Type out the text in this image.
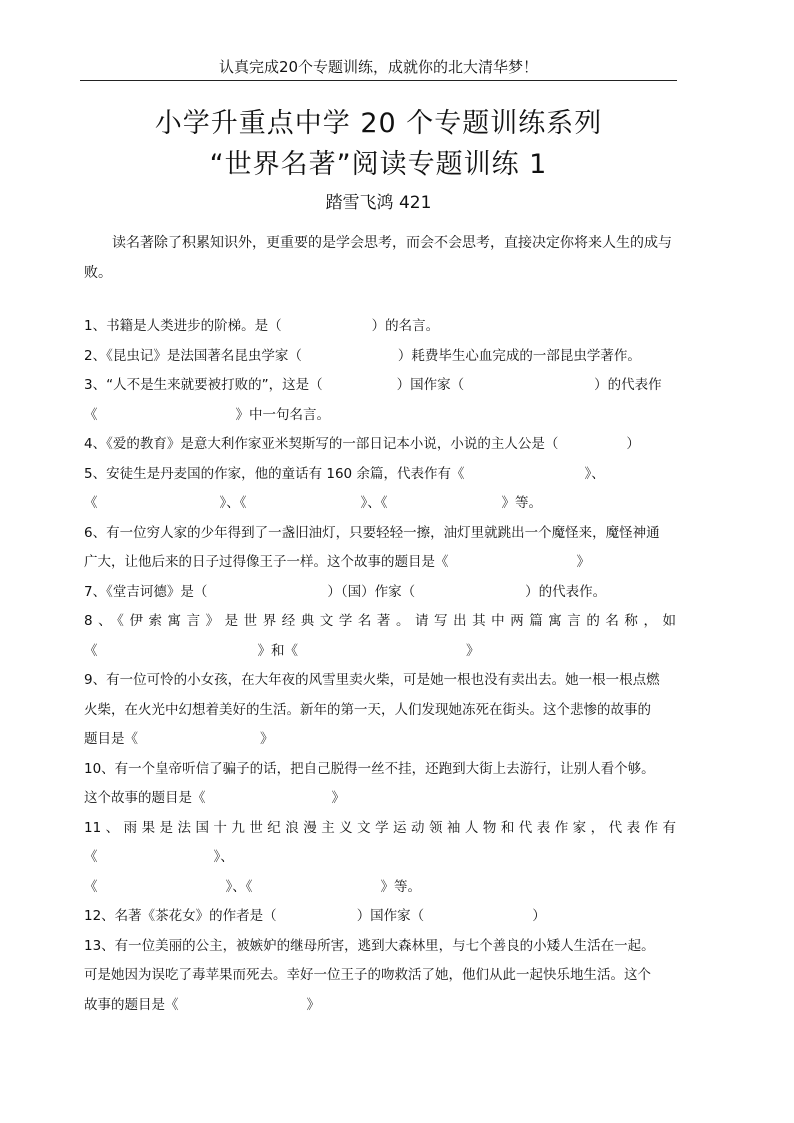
认真完成20个专题训练，成就你的北大清华梦！
小学升重点中学 20 个专题训练系列
“世界名著”阅读专题训练 1
踏雪飞鸿 421

读名著除了积累知识外，更重要的是学会思考，而会不会思考，直接决定你将来人生的成与败。

1、书籍是人类进步的阶梯。是（	）的名言。
2、《昆虫记》是法国著名昆虫学家（	）耗费毕生心血完成的一部昆虫学著作。
3、“人不是生来就要被打败的”，这是（	）国作家（	）的代表作
《	》中一句名言。
4、《爱的教育》是意大利作家亚米契斯写的一部日记本小说，小说的主人公是（	）
5、安徒生是丹麦国的作家，他的童话有 160 余篇，代表作有《	》、
《	》、《	》、《	》等。
6、有一位穷人家的少年得到了一盏旧油灯，只要轻轻一擦，油灯里就跳出一个魔怪来，魔怪神通
广大，让他后来的日子过得像王子一样。这个故事的题目是《	》
7、《堂吉诃德》是（	）（国）作家（	）的代表作。
8、《伊索寓言》是世界经典文学名著。请写出其中两篇寓言的名称，如
《	》和《	》
9、有一位可怜的小女孩，在大年夜的风雪里卖火柴，可是她一根也没有卖出去。她一根一根点燃
火柴，在火光中幻想着美好的生活。新年的第一天，人们发现她冻死在街头。这个悲惨的故事的
题目是《	》
10、有一个皇帝听信了骗子的话，把自己脱得一丝不挂，还跑到大街上去游行，让别人看个够。
这个故事的题目是《	》
11、雨果是法国十九世纪浪漫主义文学运动领袖人物和代表作家，代表作有
《	》、
《	》、《	》等。
12、名著《茶花女》的作者是（	）国作家（	）
13、有一位美丽的公主，被嫉妒的继母所害，逃到大森林里，与七个善良的小矮人生活在一起。
可是她因为误吃了毒苹果而死去。幸好一位王子的吻救活了她，他们从此一起快乐地生活。这个
故事的题目是《	》
